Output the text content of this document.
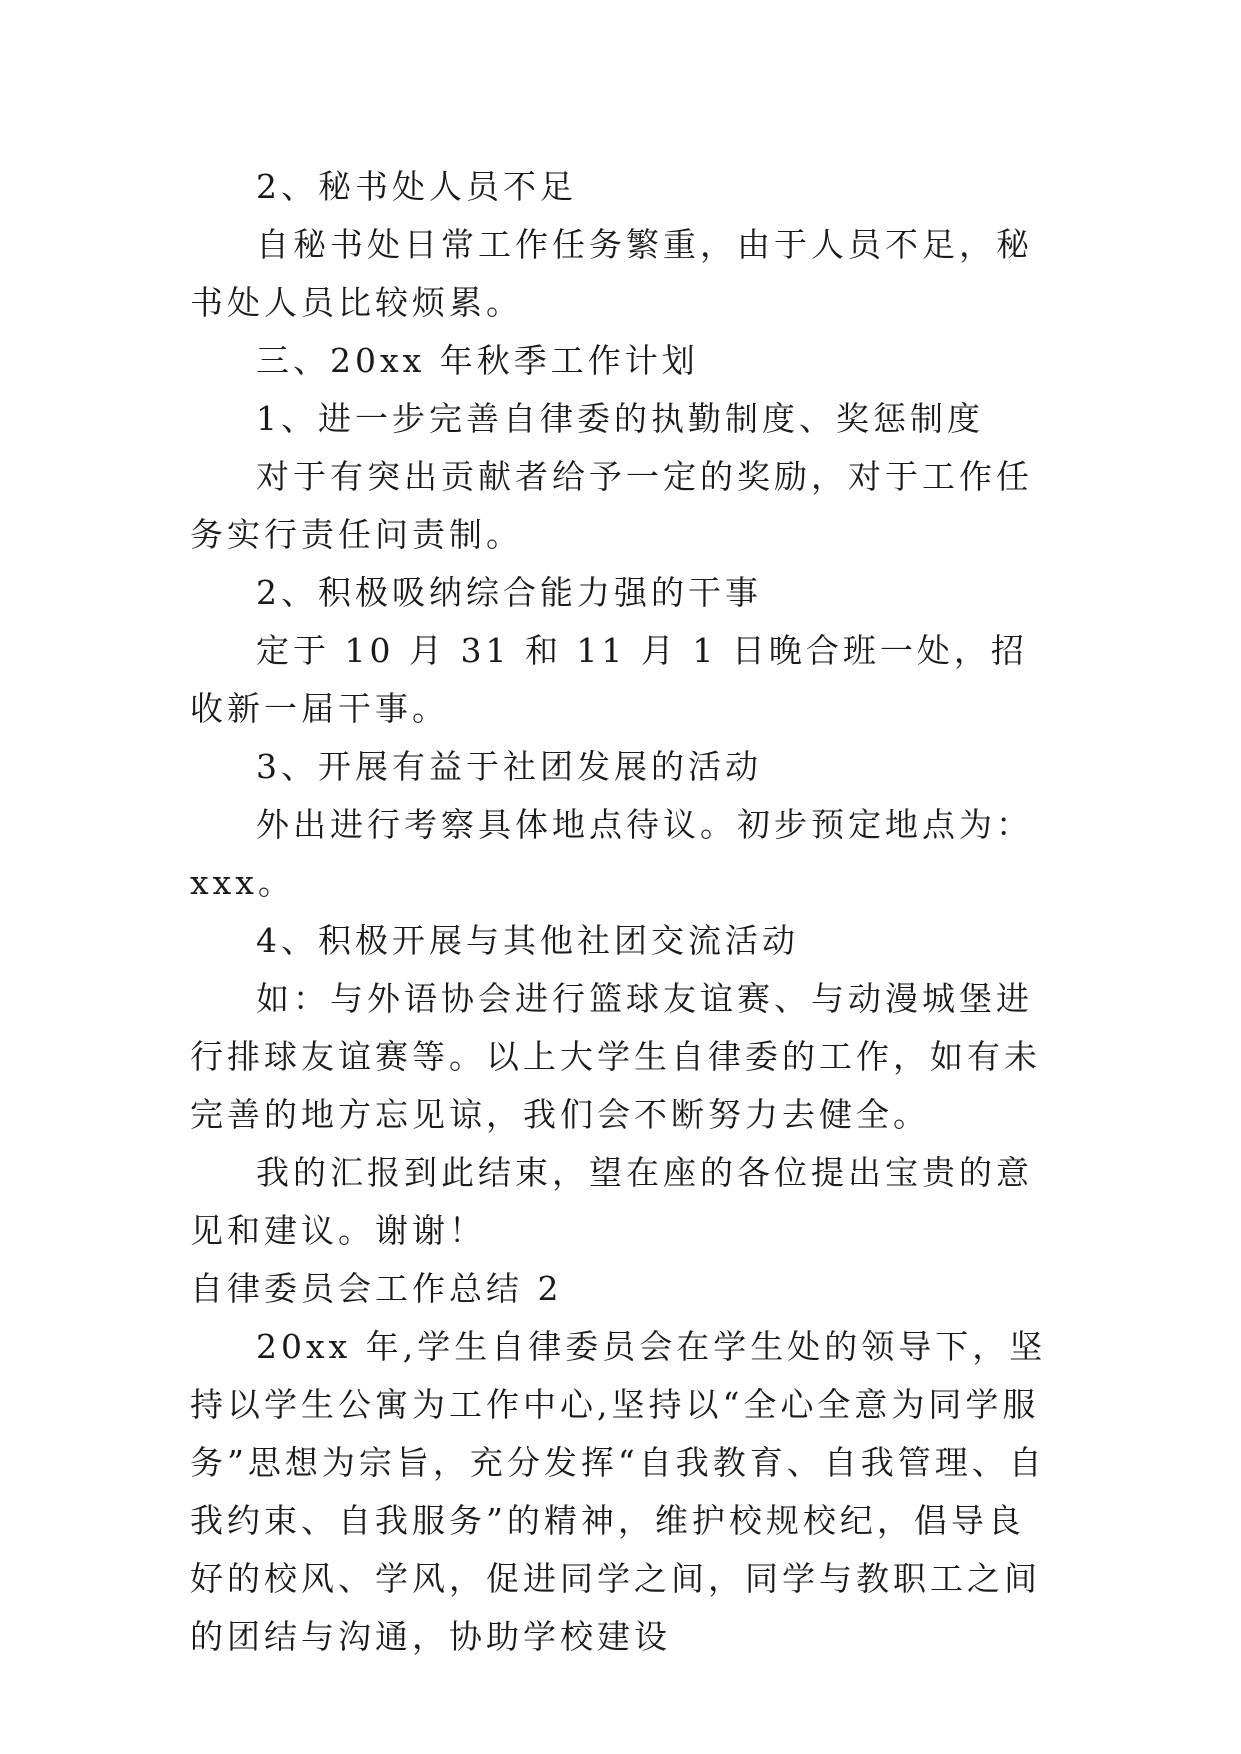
2、秘书处人员不足

自秘书处日常工作任务繁重，由于人员不足，秘书处人员比较烦累。

三、20xx 年秋季工作计划

1、进一步完善自律委的执勤制度、奖惩制度

对于有突出贡献者给予一定的奖励，对于工作任务实行责任问责制。

2、积极吸纳综合能力强的干事

定于 10 月 31 和 11 月 1 日晚合班一处，招收新一届干事。

3、开展有益于社团发展的活动

外出进行考察具体地点待议。初步预定地点为：xxx。

4、积极开展与其他社团交流活动

如：与外语协会进行篮球友谊赛、与动漫城堡进行排球友谊赛等。以上大学生自律委的工作，如有未完善的地方忘见谅，我们会不断努力去健全。

我的汇报到此结束，望在座的各位提出宝贵的意见和建议。谢谢！

自律委员会工作总结 2

20xx 年,学生自律委员会在学生处的领导下，坚持以学生公寓为工作中心,坚持以“全心全意为同学服务”思想为宗旨，充分发挥“自我教育、自我管理、自我约束、自我服务”的精神，维护校规校纪，倡导良好的校风、学风，促进同学之间，同学与教职工之间的团结与沟通，协助学校建设
